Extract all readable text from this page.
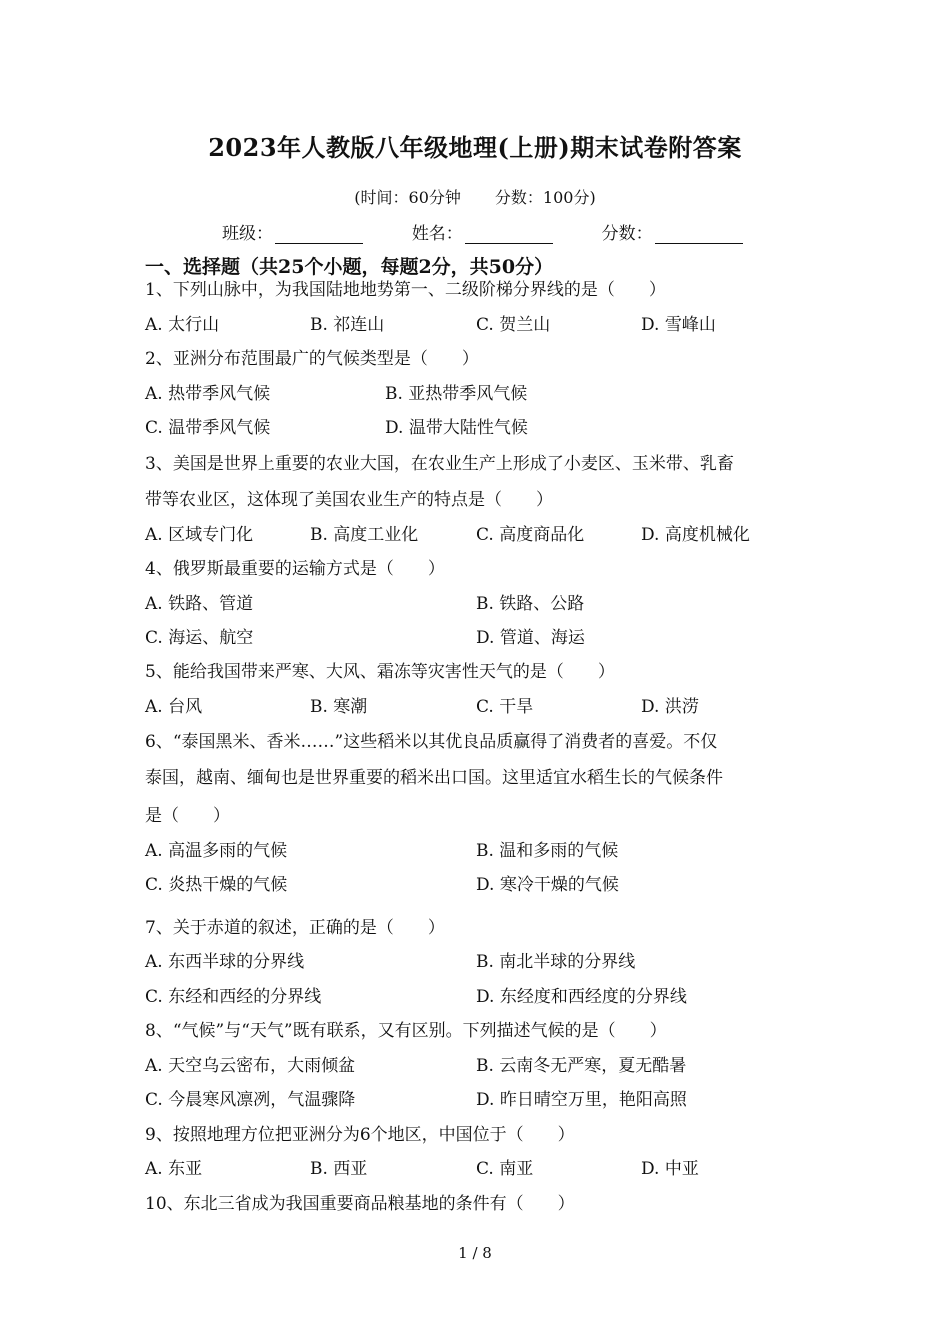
2023年人教版八年级地理(上册)期末试卷附答案
(时间：60分钟 分数：100分)
班级：	姓名：	分数：
一、选择题（共25个小题，每题2分，共50分）
1、下列山脉中，为我国陆地地势第一、二级阶梯分界线的是（　　）
A. 太行山	B. 祁连山	C. 贺兰山	D. 雪峰山
2、亚洲分布范围最广的气候类型是（　　）
A. 热带季风气候	B. 亚热带季风气候
C. 温带季风气候	D. 温带大陆性气候
3、美国是世界上重要的农业大国，在农业生产上形成了小麦区、玉米带、乳畜
带等农业区，这体现了美国农业生产的特点是（　　）
A. 区域专门化	B. 高度工业化	C. 高度商品化	D. 高度机械化
4、俄罗斯最重要的运输方式是（　　）
A. 铁路、管道	B. 铁路、公路
C. 海运、航空	D. 管道、海运
5、能给我国带来严寒、大风、霜冻等灾害性天气的是（　　）
A. 台风	B. 寒潮	C. 干旱	D. 洪涝
6、“泰国黑米、香米……”这些稻米以其优良品质赢得了消费者的喜爱。不仅
泰国，越南、缅甸也是世界重要的稻米出口国。这里适宜水稻生长的气候条件
是（　　）
A. 高温多雨的气候	B. 温和多雨的气候
C. 炎热干燥的气候	D. 寒冷干燥的气候
7、关于赤道的叙述，正确的是（　　）
A. 东西半球的分界线	B. 南北半球的分界线
C. 东经和西经的分界线	D. 东经度和西经度的分界线
8、“气候”与“天气”既有联系，又有区别。下列描述气候的是（　　）
A. 天空乌云密布，大雨倾盆	B. 云南冬无严寒，夏无酷暑
C. 今晨寒风凛冽，气温骤降	D. 昨日晴空万里，艳阳高照
9、按照地理方位把亚洲分为6个地区，中国位于（　　）
A. 东亚	B. 西亚	C. 南亚	D. 中亚
10、东北三省成为我国重要商品粮基地的条件有（　　）
1 / 8
